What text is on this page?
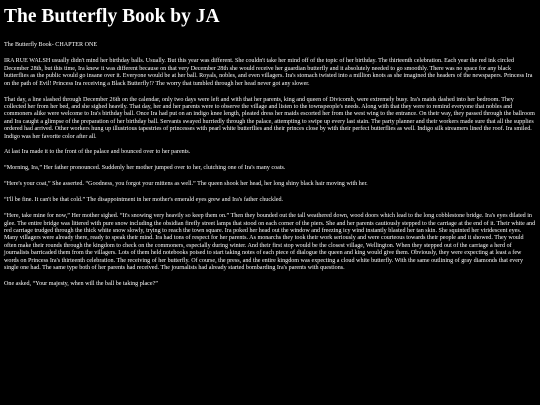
The Butterfly Book by JA
The Butterfly Book- CHAPTER ONE

IRA RUE WALSH usually didn't mind her birthday balls. Usually. But this year was different. She couldn't take her mind off of the topic of her birthday. The thirteenth celebration. Each year the red ink circled December 28th, but this time, Ira knew it was different because on that very December 28th she would receive her guardian butterfly and it absolutely needed to go smoothly. There was no space for any black butterflies as the public would go insane over it. Everyone would be at her ball. Royals, nobles, and even villagers. Ira's stomach twisted into a million knots as she imagined the headers of the newspapers. Princess Ira on the path of Evil! Princess Ira receiving a Black Butterfly!? The worry that tumbled through her head never got any slower.

That day, a line slashed through December 26th on the calendar, only two days were left and with that her parents, king and queen of Divicomb, were extremely busy. Ira's maids dashed into her bedroom. They collected her from her bed, and she sighed heavily. That day, her and her parents were to observe the village and listen to the townspeople's needs. Along with that they were to remind everyone that nobles and commoners alike were welcome to Ira's birthday ball. Once Ira had put on an indigo knee length, pleated dress her maids escorted her from the west wing to the entrance. On their way, they passed through the ballroom and Ira caught a glimpse of the preparation of her birthday ball. Servants swayed hurriedly through the palace, attempting to swipe up every last stain. The party planner and their workers made sure that all the supplies ordered had arrived. Other workers hung up illustrious tapestries of princesses with pearl white butterflies and their princes close by with their perfect butterflies as well. Indigo silk streamers lined the roof. Ira smiled. Indigo was her favorite color after all.

At last Ira made it to the front of the palace and bounced over to her parents.

“Morning, Ira,” Her father pronounced. Suddenly her mother jumped over to her, clutching one of Ira's many coats.

“Here's your coat,” She asserted. “Goodness, you forgot your mittens as well.” The queen shook her head, her long shiny black hair moving with her.

“I'll be fine. It can't be that cold.” The disappointment in her mother's emerald eyes grew and Ira's father chuckled.

“Here, take mine for now,” Her mother sighed. “It's snowing very heavily so keep them on.” Then they bounded out the tall weathered down, wood doors which lead to the long cobblestone bridge. Ira's eyes dilated in glee. The entire bridge was littered with pure snow including the obsidian firefly street lamps that stood on each corner of the piers. She and her parents cautiously stepped to the carriage at the end of it. Their white and red carriage trudged through the thick white snow slowly, trying to reach the town square. Ira poked her head out the window and freezing icy wind instantly blasted her tan skin. She squinted her viridescent eyes. Many villagers were already there, ready to speak their mind. Ira had tons of respect for her parents. As monarchs they took their work seriously and were courteous towards their people and it showed. They would often make their rounds through the kingdom to check on the commoners, especially during winter. And their first stop would be the closest village, Wellington. When they stepped out of the carriage a herd of journalists barricaded them from the villagers. Lots of them held notebooks poised to start taking notes of each piece of dialogue the queen and king would give them. Obviously, they were expecting at least a few words on Princess Ira's thirteenth celebration. The receiving of her butterfly. Of course, the press, and the entire kingdom was expecting a cloud white butterfly. With the same outlining of gray diamonds that every single one had. The same type both of her parents had received. The journalists had already started bombarding Ira's parents with questions.

One asked, “Your majesty, when will the ball be taking place?”
